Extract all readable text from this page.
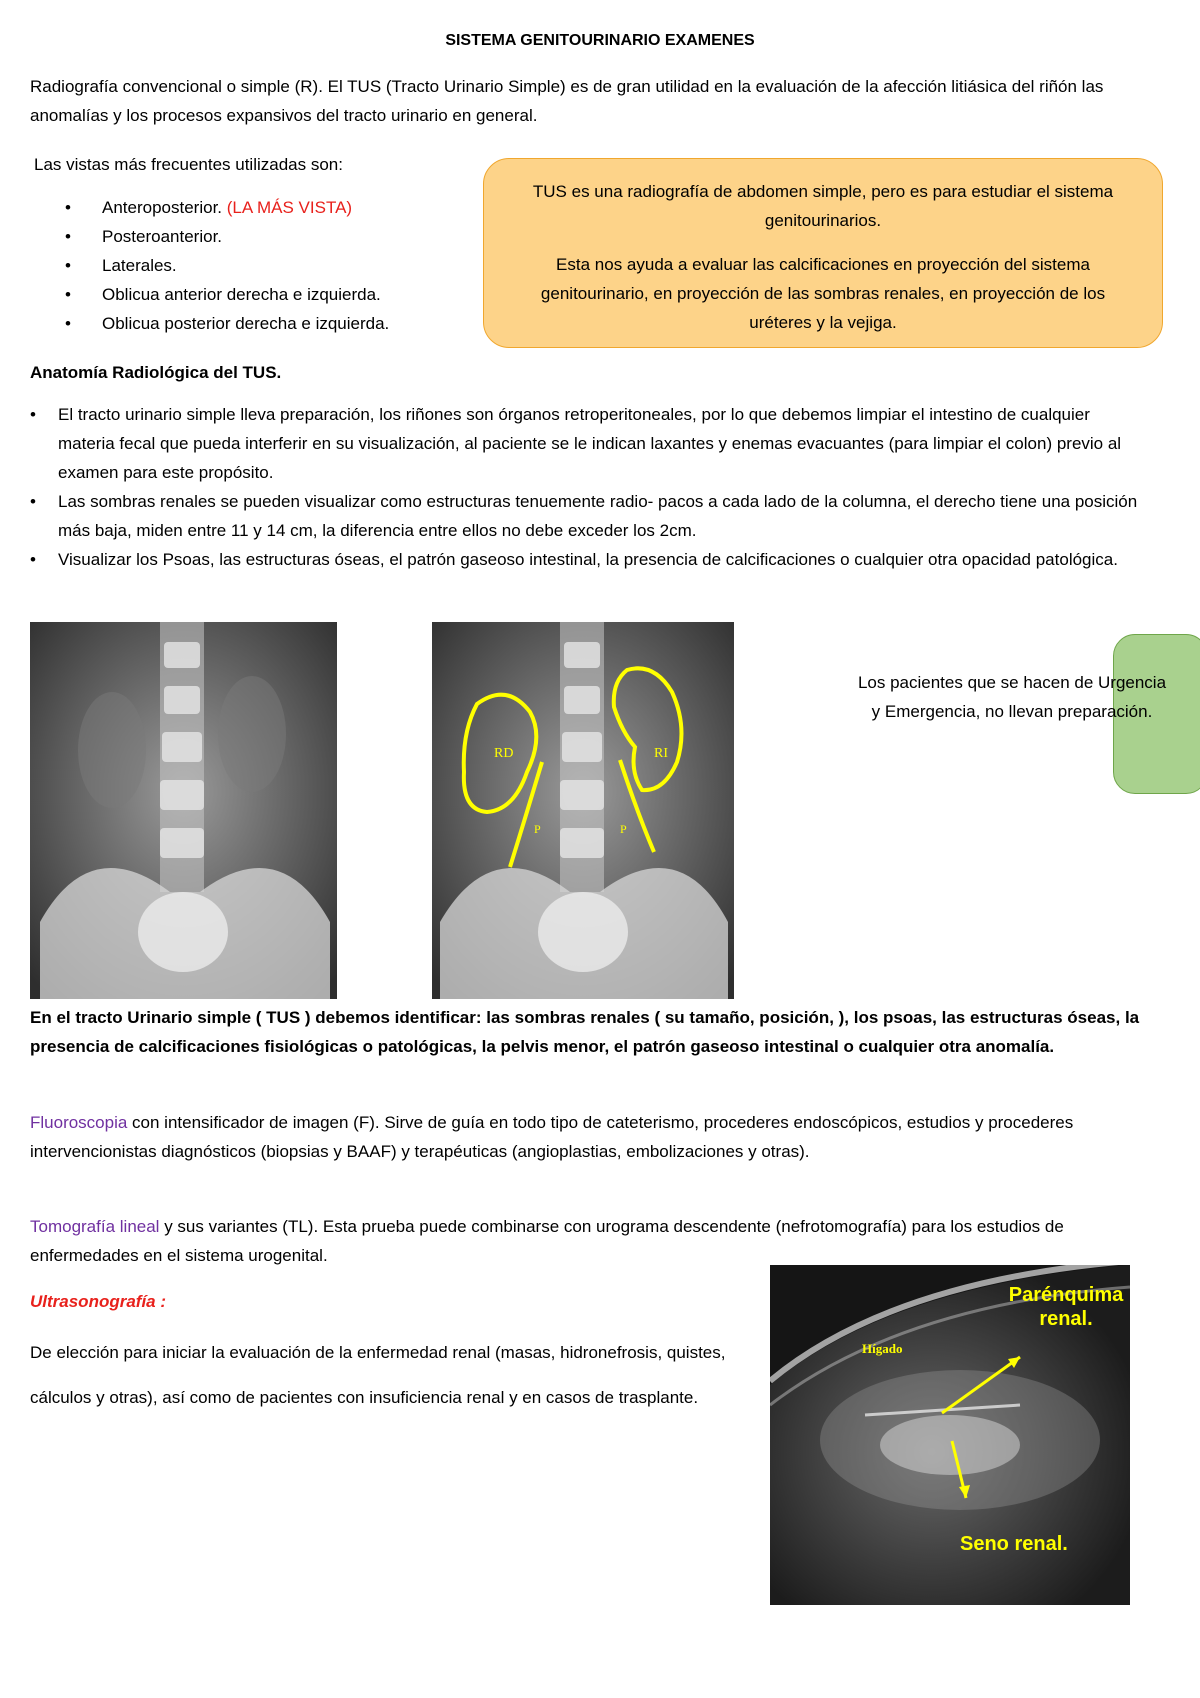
SISTEMA GENITOURINARIO EXAMENES
Radiografía convencional o simple (R). El TUS (Tracto Urinario Simple) es de gran utilidad en la evaluación de la afección litiásica del riñón las anomalías y los procesos expansivos del tracto urinario en general.
Las vistas más frecuentes utilizadas son:
• Anteroposterior. (LA MÁS VISTA)
• Posteroanterior.
• Laterales.
• Oblicua anterior derecha e izquierda.
• Oblicua posterior derecha e izquierda.

TUS es una radiografía de abdomen simple, pero es para estudiar el sistema genitourinarios.

Esta nos ayuda a evaluar las calcificaciones en proyección del sistema genitourinario, en proyección de las sombras renales, en proyección de los uréteres y la vejiga.

Anatomía Radiológica del TUS.
• El tracto urinario simple lleva preparación, los riñones son órganos retroperitoneales, por lo que debemos limpiar el intestino de cualquier materia fecal que pueda interferir en su visualización, al paciente se le indican laxantes y enemas evacuantes (para limpiar el colon) previo al examen para este propósito.
• Las sombras renales se pueden visualizar como estructuras tenuemente radio- pacos a cada lado de la columna, el derecho tiene una posición más baja, miden entre 11 y 14 cm, la diferencia entre ellos no debe exceder los 2cm.
• Visualizar los Psoas, las estructuras óseas, el patrón gaseoso intestinal, la presencia de calcificaciones o cualquier otra opacidad patológica.
RD	RI
P	P
Los pacientes que se hacen de Urgencia y Emergencia, no llevan preparación.
En el tracto Urinario simple ( TUS ) debemos identificar: las sombras renales ( su tamaño, posición, ), los psoas, las estructuras óseas, la presencia de calcificaciones fisiológicas o patológicas, la pelvis menor, el patrón gaseoso intestinal o cualquier otra anomalía.
Fluoroscopia con intensificador de imagen (F). Sirve de guía en todo tipo de cateterismo, procederes endoscópicos, estudios y procederes intervencionistas diagnósticos (biopsias y BAAF) y terapéuticas (angioplastias, embolizaciones y otras).
Tomografía lineal y sus variantes (TL). Esta prueba puede combinarse con urograma descendente (nefrotomografía) para los estudios de enfermedades en el sistema urogenital.
Ultrasonografía :
De elección para iniciar la evaluación de la enfermedad renal (masas, hidronefrosis, quistes, cálculos y otras), así como de pacientes con insuficiencia renal y en casos de trasplante.
Hígado
Parénquima renal.
Seno renal.
